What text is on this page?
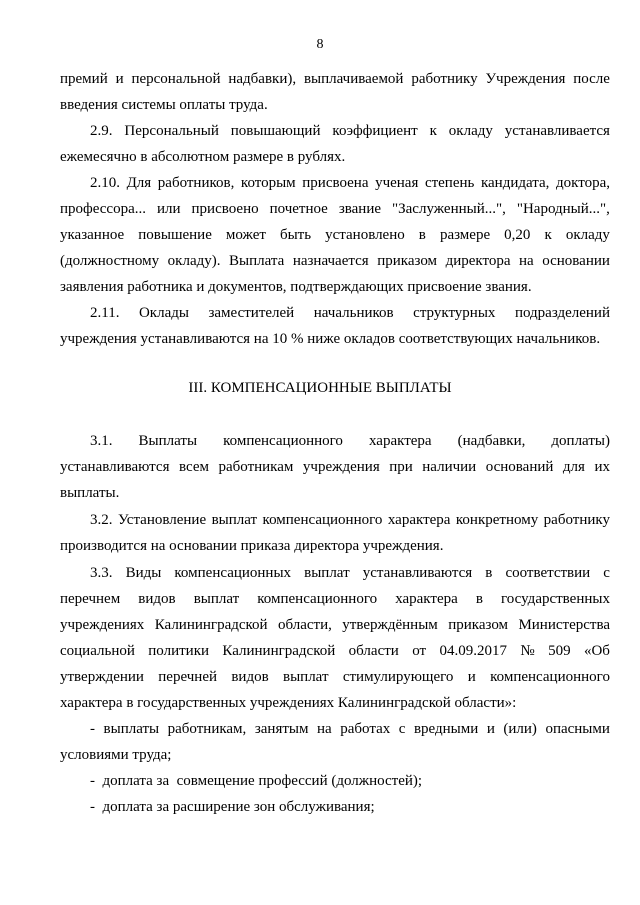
8
премий и персональной надбавки), выплачиваемой работнику Учреждения после
введения системы оплаты труда.
2.9. Персональный повышающий коэффициент к окладу устанавливается
ежемесячно в абсолютном размере в рублях.
2.10. Для работников, которым присвоена ученая степень кандидата, доктора,
профессора... или присвоено почетное звание "Заслуженный...", "Народный...",
указанное повышение может быть установлено в размере 0,20 к окладу
(должностному окладу). Выплата назначается приказом директора на основании
заявления работника и документов, подтверждающих присвоение звания.
2.11. Оклады заместителей начальников структурных подразделений
учреждения устанавливаются на 10 % ниже окладов соответствующих начальников.
III. КОМПЕНСАЦИОННЫЕ ВЫПЛАТЫ
3.1. Выплаты компенсационного характера (надбавки, доплаты)
устанавливаются всем работникам учреждения при наличии оснований для их
выплаты.
3.2. Установление выплат компенсационного характера конкретному работнику
производится на основании приказа директора учреждения.
3.3. Виды компенсационных выплат устанавливаются в соответствии с
перечнем видов выплат компенсационного характера в государственных
учреждениях Калининградской области, утверждённым приказом Министерства
социальной политики Калининградской области от 04.09.2017 № 509 «Об
утверждении перечней видов выплат стимулирующего и компенсационного
характера в государственных учреждениях Калининградской области»:
- выплаты работникам, занятым на работах с вредными и (или) опасными
условиями труда;
-  доплата за  совмещение профессий (должностей);
-  доплата за расширение зон обслуживания;
